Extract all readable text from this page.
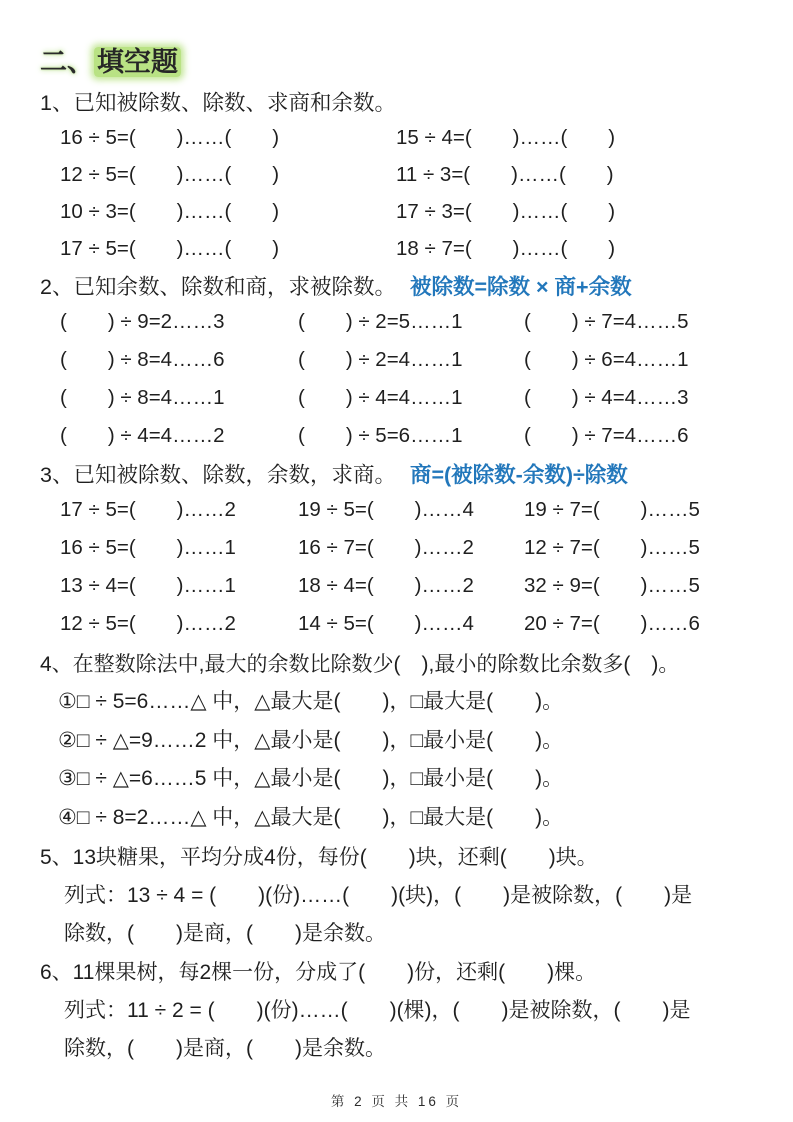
二、 填空题
1、已知被除数、除数、求商和余数。
16 ÷ 5=(　　)……(　　)	15 ÷ 4=(　　)……(　　)
12 ÷ 5=(　　)……(　　)	11 ÷ 3=(　　)……(　　)
10 ÷ 3=(　　)……(　　)	17 ÷ 3=(　　)……(　　)
17 ÷ 5=(　　)……(　　)	18 ÷ 7=(　　)……(　　)
2、已知余数、除数和商，求被除数。 被除数=除数 × 商+余数
(　　) ÷ 9=2……3	(　　) ÷ 2=5……1	(　　) ÷ 7=4……5
(　　) ÷ 8=4……6	(　　) ÷ 2=4……1	(　　) ÷ 6=4……1
(　　) ÷ 8=4……1	(　　) ÷ 4=4……1	(　　) ÷ 4=4……3
(　　) ÷ 4=4……2	(　　) ÷ 5=6……1	(　　) ÷ 7=4……6
3、已知被除数、除数，余数，求商。 商=(被除数-余数)÷除数
17 ÷ 5=(　　)……2	19 ÷ 5=(　　)……4	19 ÷ 7=(　　)……5
16 ÷ 5=(　　)……1	16 ÷ 7=(　　)……2	12 ÷ 7=(　　)……5
13 ÷ 4=(　　)……1	18 ÷ 4=(　　)……2	32 ÷ 9=(　　)……5
12 ÷ 5=(　　)……2	14 ÷ 5=(　　)……4	20 ÷ 7=(　　)……6
4、在整数除法中,最大的余数比除数少(　),最小的除数比余数多(　)。
①□ ÷ 5=6……△ 中，△最大是(　　)，□最大是(　　)。
②□ ÷ △=9……2 中，△最小是(　　)，□最小是(　　)。
③□ ÷ △=6……5 中，△最小是(　　)，□最小是(　　)。
④□ ÷ 8=2……△ 中，△最大是(　　)，□最大是(　　)。
5、13块糖果，平均分成4份，每份(　　)块，还剩(　　)块。
列式：13 ÷ 4 = (　　)(份)……(　　)(块)，(　　)是被除数，(　　)是
除数，(　　)是商，(　　)是余数。
6、11棵果树，每2棵一份，分成了(　　)份，还剩(　　)棵。
列式：11 ÷ 2 = (　　)(份)……(　　)(棵)，(　　)是被除数，(　　)是
除数，(　　)是商，(　　)是余数。
第 2 页 共 16 页
